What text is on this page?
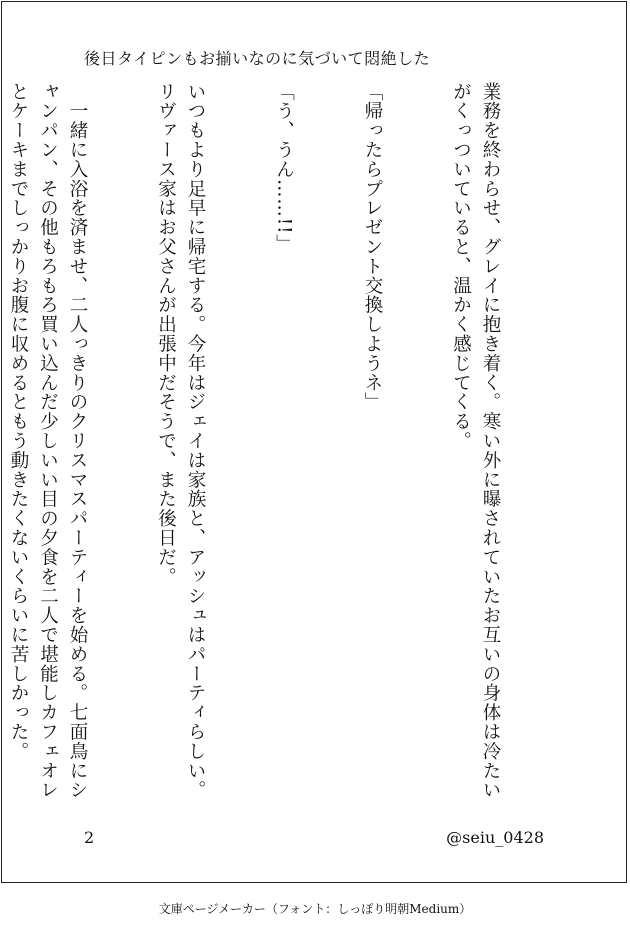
後日タイピンもお揃いなのに気づいて悶絶した

業務を終わらせ、グレイに抱き着く。寒い外に曝されていたお互いの身体は冷たいがくっついていると、温かく感じてくる。

「帰ったらプレゼント交換しようネ」

「う、うん……!!」

いつもより足早に帰宅する。今年はジェイは家族と、アッシュはパーティらしい。リヴァース家はお父さんが出張中だそうで、また後日だ。

　一緒に入浴を済ませ、二人っきりのクリスマスパーティーを始める。七面鳥にシャンパン、その他もろもろ買い込んだ少しいい目の夕食を二人で堪能しカフェオレとケーキまでしっかりお腹に収めるともう動きたくないくらいに苦しかった。

2	@seiu_0428
文庫ページメーカー（フォント：しっぽり明朝Medium）
